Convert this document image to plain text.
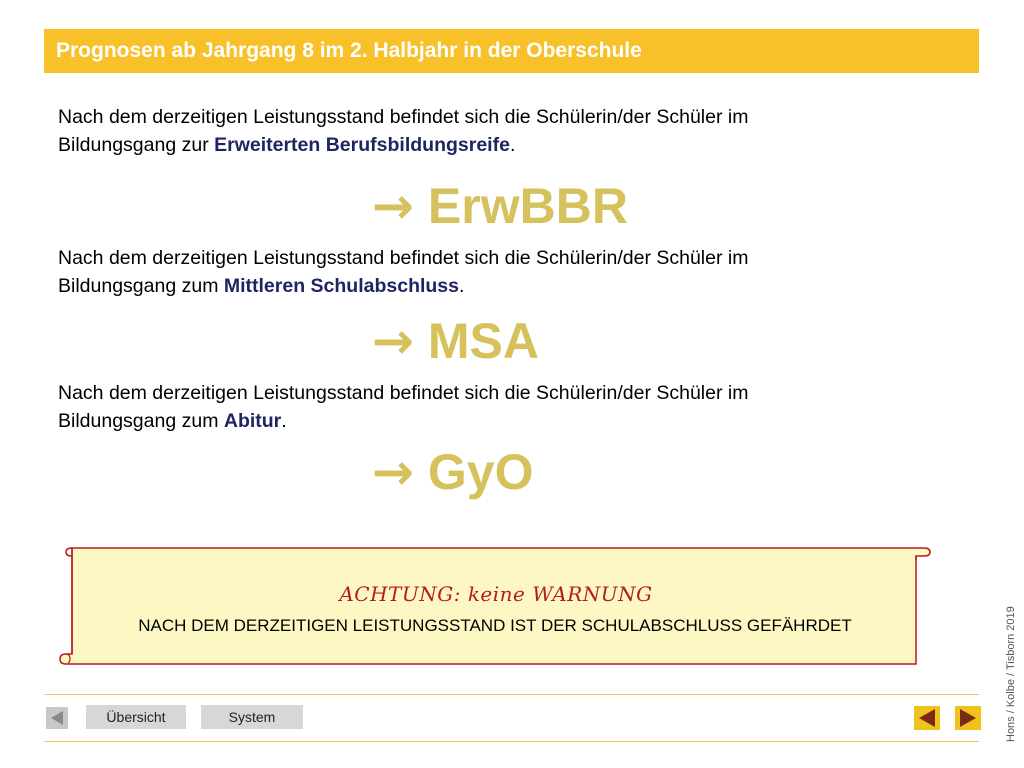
Prognosen ab Jahrgang 8 im 2. Halbjahr in der Oberschule
Nach dem derzeitigen Leistungsstand befindet sich die Schülerin/der Schüler im
Bildungsgang zur Erweiterten Berufsbildungsreife.
→ ErwBBR
Nach dem derzeitigen Leistungsstand befindet sich die Schülerin/der Schüler im
Bildungsgang zum Mittleren Schulabschluss.
→ MSA
Nach dem derzeitigen Leistungsstand befindet sich die Schülerin/der Schüler im
Bildungsgang zum Abitur.
→ GyO
ACHTUNG: keine WARNUNG
NACH DEM DERZEITIGEN LEISTUNGSSTAND IST DER SCHULABSCHLUSS GEFÄHRDET
Übersicht	System	Hons / Kolbe / Tisborn 2019
